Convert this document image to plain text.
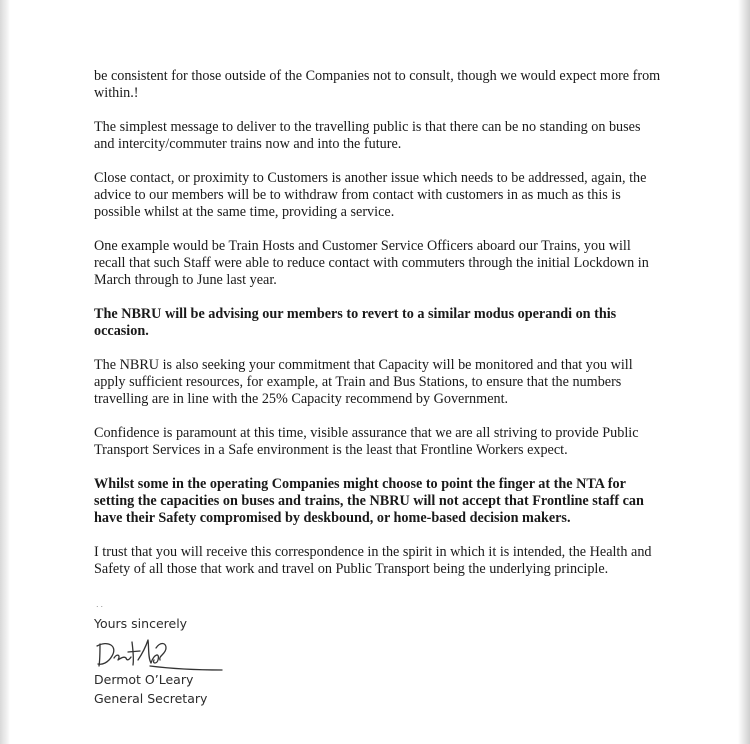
be consistent for those outside of the Companies not to consult, though we would expect more from within.!

The simplest message to deliver to the travelling public is that there can be no standing on buses and intercity/commuter trains now and into the future.

Close contact, or proximity to Customers is another issue which needs to be addressed, again, the advice to our members will be to withdraw from contact with customers in as much as this is possible whilst at the same time, providing a service.

One example would be Train Hosts and Customer Service Officers aboard our Trains, you will recall that such Staff were able to reduce contact with commuters through the initial Lockdown in March through to June last year.

The NBRU will be advising our members to revert to a similar modus operandi on this occasion.

The NBRU is also seeking your commitment that Capacity will be monitored and that you will apply sufficient resources, for example, at Train and Bus Stations, to ensure that the numbers travelling are in line with the 25% Capacity recommend by Government.

Confidence is paramount at this time, visible assurance that we are all striving to provide Public Transport Services in a Safe environment is the least that Frontline Workers expect.

Whilst some in the operating Companies might choose to point the finger at the NTA for setting the capacities on buses and trains, the NBRU will not accept that Frontline staff can have their Safety compromised by deskbound, or home-based decision makers.

I trust that you will receive this correspondence in the spirit in which it is intended, the Health and Safety of all those that work and travel on Public Transport being the underlying principle.

..
Yours sincerely
Dermot O’Leary
General Secretary
